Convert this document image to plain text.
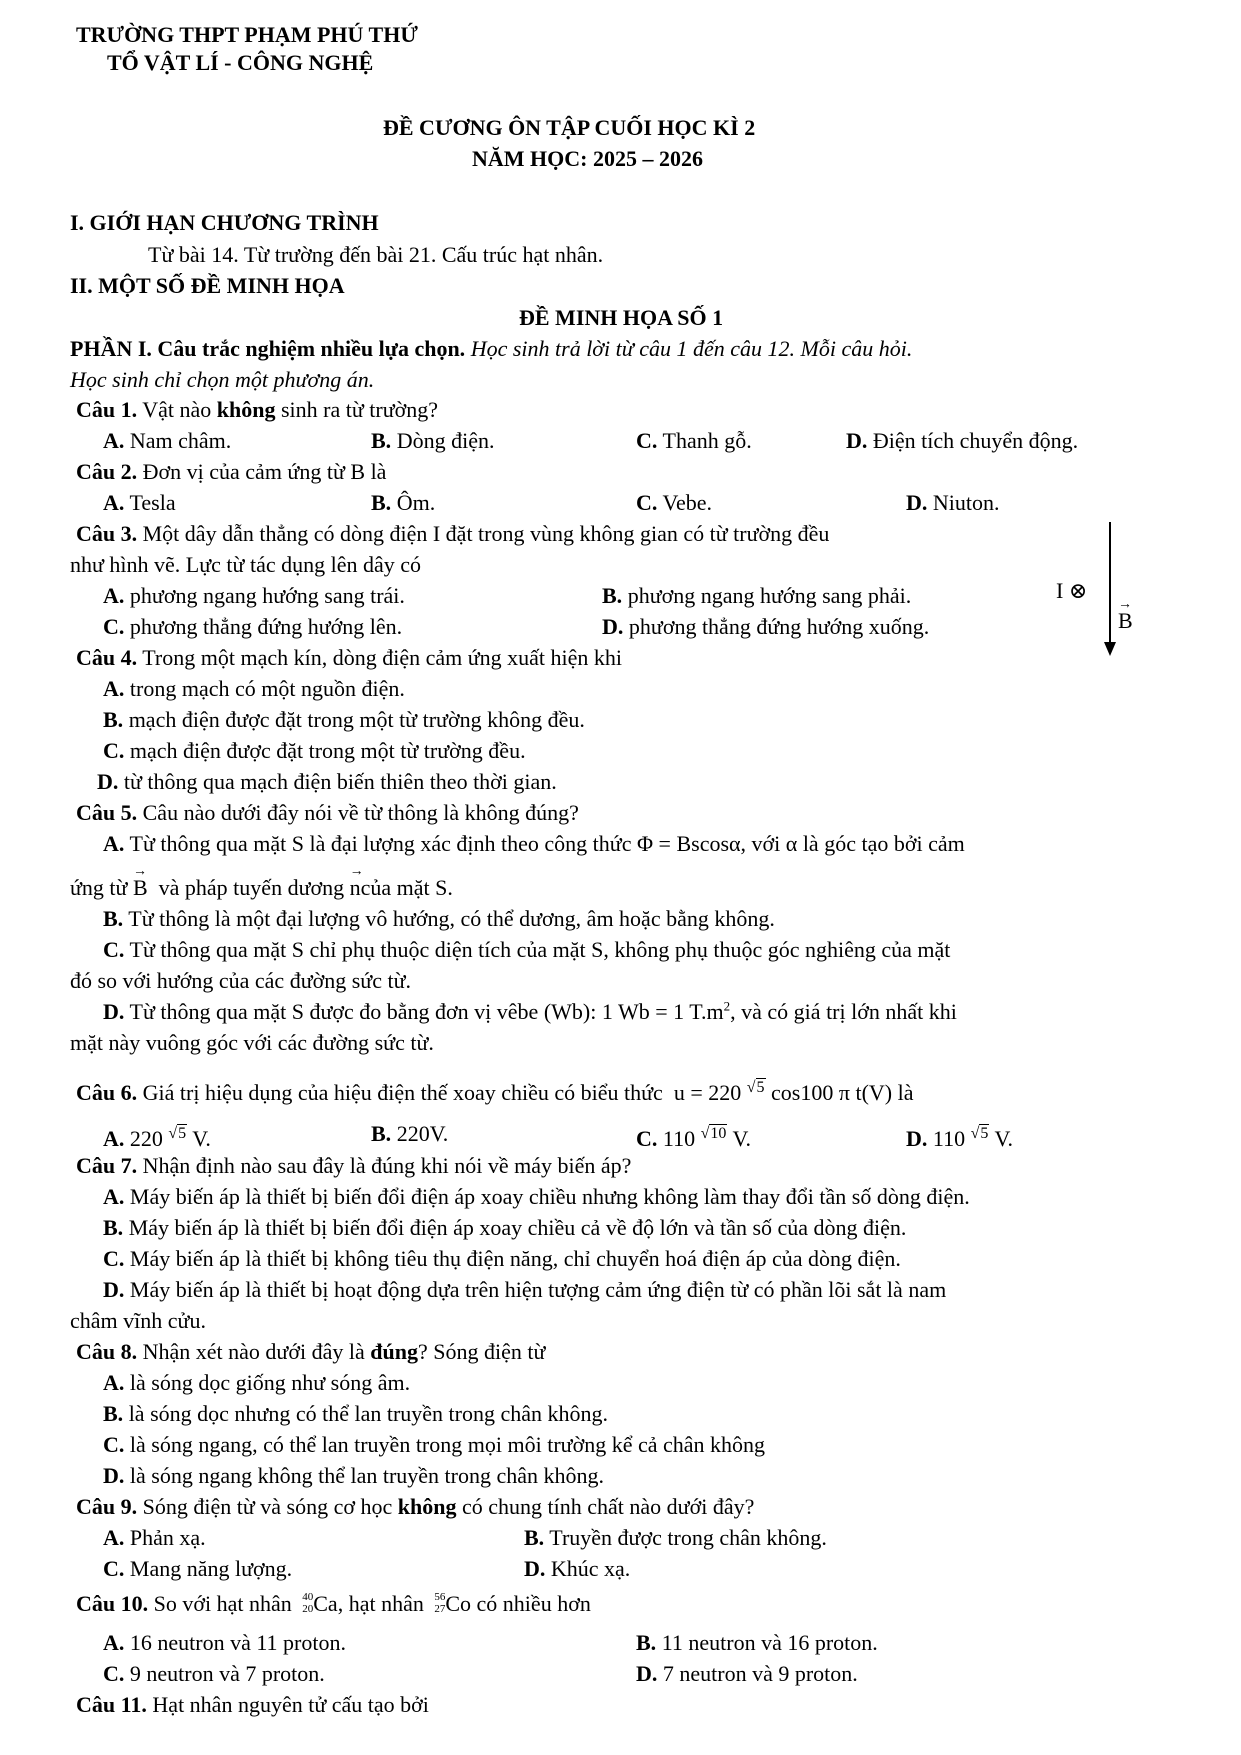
TRƯỜNG THPT PHẠM PHÚ THỨ
TỔ VẬT LÍ - CÔNG NGHỆ
ĐỀ CƯƠNG ÔN TẬP CUỐI HỌC KÌ 2
NĂM HỌC: 2025 – 2026
I. GIỚI HẠN CHƯƠNG TRÌNH
Từ bài 14. Từ trường đến bài 21. Cấu trúc hạt nhân.
II. MỘT SỐ ĐỀ MINH HỌA
ĐỀ MINH HỌA SỐ 1
PHẦN I. Câu trắc nghiệm nhiều lựa chọn. Học sinh trả lời từ câu 1 đến câu 12. Mỗi câu hỏi.
Học sinh chỉ chọn một phương án.
Câu 1. Vật nào không sinh ra từ trường?
A. Nam châm.	B. Dòng điện.	C. Thanh gỗ.	D. Điện tích chuyển động.
Câu 2. Đơn vị của cảm ứng từ B là
A. Tesla	B. Ôm.	C. Vebe.	D. Niuton.
Câu 3. Một dây dẫn thẳng có dòng điện I đặt trong vùng không gian có từ trường đều
như hình vẽ. Lực từ tác dụng lên dây có
A. phương ngang hướng sang trái.	B. phương ngang hướng sang phải.
C. phương thẳng đứng hướng lên.	D. phương thẳng đứng hướng xuống.
I ⊗
→ B
Câu 4. Trong một mạch kín, dòng điện cảm ứng xuất hiện khi
A. trong mạch có một nguồn điện.
B. mạch điện được đặt trong một từ trường không đều.
C. mạch điện được đặt trong một từ trường đều.
D. từ thông qua mạch điện biến thiên theo thời gian.
Câu 5. Câu nào dưới đây nói về từ thông là không đúng?
A. Từ thông qua mặt S là đại lượng xác định theo công thức Φ = Bscosα, với α là góc tạo bởi cảm
ứng từ → B và pháp tuyến dương → ncủa mặt S.
B. Từ thông là một đại lượng vô hướng, có thể dương, âm hoặc bằng không.
C. Từ thông qua mặt S chỉ phụ thuộc diện tích của mặt S, không phụ thuộc góc nghiêng của mặt
đó so với hướng của các đường sức từ.
D. Từ thông qua mặt S được đo bằng đơn vị vêbe (Wb): 1 Wb = 1 $T.m^2$, và có giá trị lớn nhất khi
mặt này vuông góc với các đường sức từ.
Câu 6. Giá trị hiệu dụng của hiệu điện thế xoay chiều có biểu thức u = 220 √5 cos100 π t(V) là
A. 220 √5 V.	B. 220V.	C. 110 √10 V.	D. 110 √5 V.
Câu 7. Nhận định nào sau đây là đúng khi nói về máy biến áp?
A. Máy biến áp là thiết bị biến đổi điện áp xoay chiều nhưng không làm thay đổi tần số dòng điện.
B. Máy biến áp là thiết bị biến đổi điện áp xoay chiều cả về độ lớn và tần số của dòng điện.
C. Máy biến áp là thiết bị không tiêu thụ điện năng, chỉ chuyển hoá điện áp của dòng điện.
D. Máy biến áp là thiết bị hoạt động dựa trên hiện tượng cảm ứng điện từ có phần lõi sắt là nam
châm vĩnh cửu.
Câu 8. Nhận xét nào dưới đây là đúng? Sóng điện từ
A. là sóng dọc giống như sóng âm.
B. là sóng dọc nhưng có thể lan truyền trong chân không.
C. là sóng ngang, có thể lan truyền trong mọi môi trường kể cả chân không
D. là sóng ngang không thể lan truyền trong chân không.
Câu 9. Sóng điện từ và sóng cơ học không có chung tính chất nào dưới đây?
A. Phản xạ.	B. Truyền được trong chân không.
C. Mang năng lượng.	D. Khúc xạ.
Câu 10. So với hạt nhân 40
20 Ca, hạt nhân 56
27 Co có nhiều hơn
A. 16 neutron và 11 proton.	B. 11 neutron và 16 proton.
C. 9 neutron và 7 proton.	D. 7 neutron và 9 proton.
Câu 11. Hạt nhân nguyên tử cấu tạo bởi
